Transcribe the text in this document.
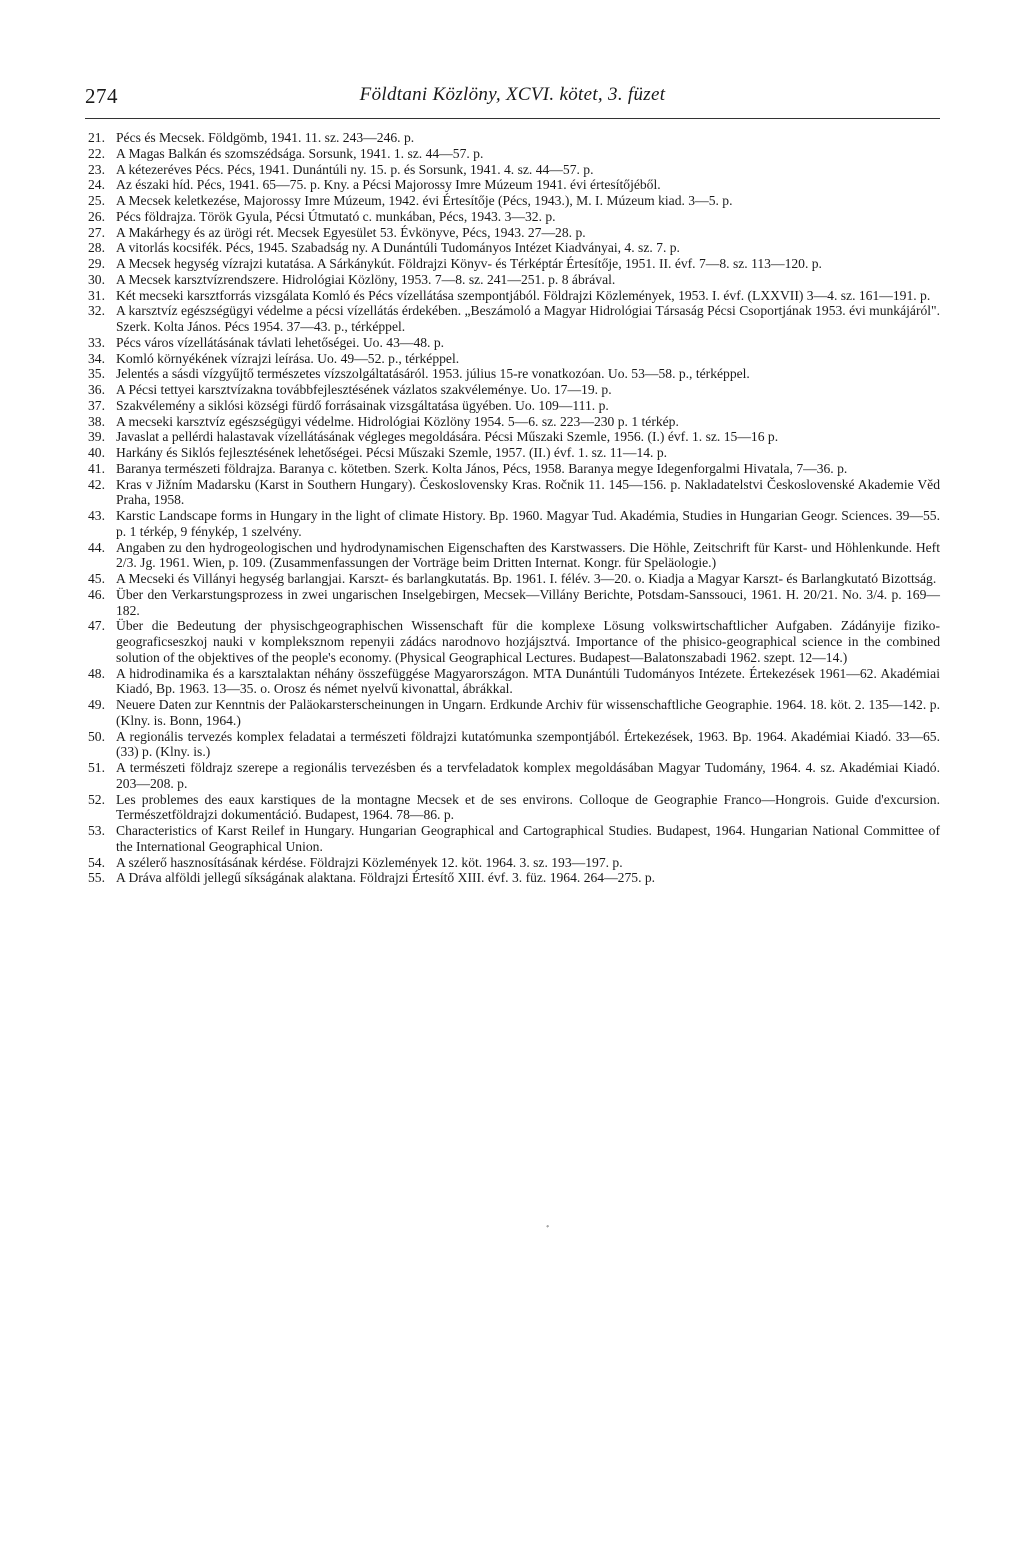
274	Földtani Közlöny, XCVI. kötet, 3. füzet
21. Pécs és Mecsek. Földgömb, 1941. 11. sz. 243—246. p.
22. A Magas Balkán és szomszédsága. Sorsunk, 1941. 1. sz. 44—57. p.
23. A kétezeréves Pécs. Pécs, 1941. Dunántúli ny. 15. p. és Sorsunk, 1941. 4. sz. 44—57. p.
24. Az északi híd. Pécs, 1941. 65—75. p. Kny. a Pécsi Majorossy Imre Múzeum 1941. évi értesítőjéből.
25. A Mecsek keletkezése, Majorossy Imre Múzeum, 1942. évi Értesítője (Pécs, 1943.), M. I. Múzeum kiad. 3—5. p.
26. Pécs földrajza. Török Gyula, Pécsi Útmutató c. munkában, Pécs, 1943. 3—32. p.
27. A Makárhegy és az ürögi rét. Mecsek Egyesület 53. Évkönyve, Pécs, 1943. 27—28. p.
28. A vitorlás kocsifék. Pécs, 1945. Szabadság ny. A Dunántúli Tudományos Intézet Kiadványai, 4. sz. 7. p.
29. A Mecsek hegység vízrajzi kutatása. A Sárkánykút. Földrajzi Könyv- és Térképtár Értesítője, 1951. II. évf. 7—8. sz. 113—120. p.
30. A Mecsek karsztvízrendszere. Hidrológiai Közlöny, 1953. 7—8. sz. 241—251. p. 8 ábrával.
31. Két mecseki karsztforrás vizsgálata Komló és Pécs vízellátása szempontjából. Földrajzi Közlemények, 1953. I. évf. (LXXVII) 3—4. sz. 161—191. p.
32. A karsztvíz egészségügyi védelme a pécsi vízellátás érdekében. „Beszámoló a Magyar Hidrológiai Társaság Pécsi Csoportjának 1953. évi munkájáról". Szerk. Kolta János. Pécs 1954. 37—43. p., térképpel.
33. Pécs város vízellátásának távlati lehetőségei. Uo. 43—48. p.
34. Komló környékének vízrajzi leírása. Uo. 49—52. p., térképpel.
35. Jelentés a sásdi vízgyűjtő természetes vízszolgáltatásáról. 1953. július 15-re vonatkozóan. Uo. 53—58. p., térképpel.
36. A Pécsi tettyei karsztvízakna továbbfejlesztésének vázlatos szakvéleménye. Uo. 17—19. p.
37. Szakvélemény a siklósi községi fürdő forrásainak vizsgáltatása ügyében. Uo. 109—111. p.
38. A mecseki karsztvíz egészségügyi védelme. Hidrológiai Közlöny 1954. 5—6. sz. 223—230 p. 1 térkép.
39. Javaslat a pellérdi halastavak vízellátásának végleges megoldására. Pécsi Műszaki Szemle, 1956. (I.) évf. 1. sz. 15—16 p.
40. Harkány és Siklós fejlesztésének lehetőségei. Pécsi Műszaki Szemle, 1957. (II.) évf. 1. sz. 11—14. p.
41. Baranya természeti földrajza. Baranya c. kötetben. Szerk. Kolta János, Pécs, 1958. Baranya megye Idegenforgalmi Hivatala, 7—36. p.
42. Kras v Jižním Madarsku (Karst in Southern Hungary). Československy Kras. Ročnik 11. 145—156. p. Nakladatelstvi Československé Akademie Věd Praha, 1958.
43. Karstic Landscape forms in Hungary in the light of climate History. Bp. 1960. Magyar Tud. Akadémia, Studies in Hungarian Geogr. Sciences. 39—55. p. 1 térkép, 9 fénykép, 1 szelvény.
44. Angaben zu den hydrogeologischen und hydrodynamischen Eigenschaften des Karstwassers. Die Höhle, Zeitschrift für Karst- und Höhlenkunde. Heft 2/3. Jg. 1961. Wien, p. 109. (Zusammenfassungen der Vorträge beim Dritten Internat. Kongr. für Speläologie.)
45. A Mecseki és Villányi hegység barlangjai. Karszt- és barlangkutatás. Bp. 1961. I. félév. 3—20. o. Kiadja a Magyar Karszt- és Barlangkutató Bizottság.
46. Über den Verkarstungsprozess in zwei ungarischen Inselgebirgen, Mecsek—Villány Berichte, Potsdam-Sanssouci, 1961. H. 20/21. No. 3/4. p. 169—182.
47. Über die Bedeutung der physischgeographischen Wissenschaft für die komplexe Lösung volkswirtschaftlicher Aufgaben. Zádányije fiziko-geograficseszkoj nauki v kompleksznom repenyii zádács narodnovo hozjájsztvá. Importance of the phisico-geographical science in the combined solution of the objektives of the people's economy. (Physical Geographical Lectures. Budapest—Balatonszabadi 1962. szept. 12—14.)
48. A hidrodinamika és a karsztalaktan néhány összefüggése Magyarországon. MTA Dunántúli Tudományos Intézete. Értekezések 1961—62. Akadémiai Kiadó, Bp. 1963. 13—35. o. Orosz és német nyelvű kivonattal, ábrákkal.
49. Neuere Daten zur Kenntnis der Paläokarsterscheinungen in Ungarn. Erdkunde Archiv für wissenschaftliche Geographie. 1964. 18. köt. 2. 135—142. p. (Klny. is. Bonn, 1964.)
50. A regionális tervezés komplex feladatai a természeti földrajzi kutatómunka szempontjából. Értekezések, 1963. Bp. 1964. Akadémiai Kiadó. 33—65. (33) p. (Klny. is.)
51. A természeti földrajz szerepe a regionális tervezésben és a tervfeladatok komplex megoldásában Magyar Tudomány, 1964. 4. sz. Akadémiai Kiadó. 203—208. p.
52. Les problemes des eaux karstiques de la montagne Mecsek et de ses environs. Colloque de Geographie Franco—Hongrois. Guide d'excursion. Természetföldrajzi dokumentáció. Budapest, 1964. 78—86. p.
53. Characteristics of Karst Reilef in Hungary. Hungarian Geographical and Cartographical Studies. Budapest, 1964. Hungarian National Committee of the International Geographical Union.
54. A szélerő hasznosításának kérdése. Földrajzi Közlemények 12. köt. 1964. 3. sz. 193—197. p.
55. A Dráva alföldi jellegű síkságának alaktana. Földrajzi Értesítő XIII. évf. 3. füz. 1964. 264—275. p.
ﾞ
